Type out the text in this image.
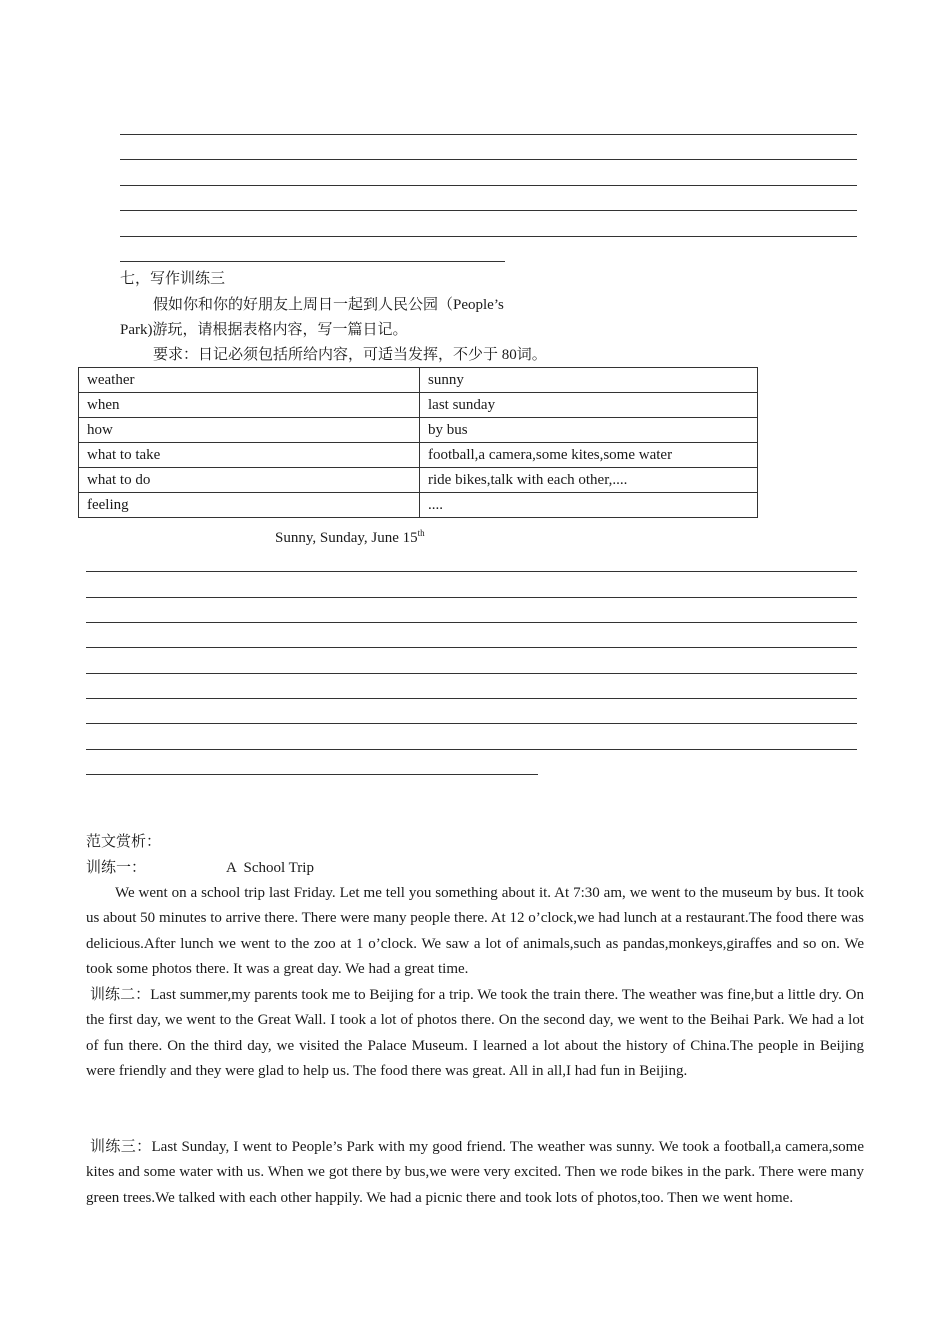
七，写作训练三
假如你和你的好朋友上周日一起到人民公园（People’s
Park)游玩，请根据表格内容，写一篇日记。
要求：日记必须包括所给内容，可适当发挥，不少于 80词。
weather	sunny
when	last sunday
how	by bus
what to take	football,a camera,some kites,some water
what to do	ride bikes,talk with each other,....
feeling	....
Sunny, Sunday, June 15th
范文赏析：
训练一：	A  School Trip

We went on a school trip last Friday. Let me tell you something about it. At 7:30 am, we went to the museum by bus. It took us about 50 minutes to arrive there. There were many people there. At 12 o’clock,we had lunch at a restaurant.The food there was delicious.After lunch we went to the zoo at 1 o’clock. We saw a lot of animals,such as pandas,monkeys,giraffes and so on. We took some photos there. It was a great day. We had a great time.

训练二：Last summer,my parents took me to Beijing for a trip. We took the train there. The weather was fine,but a little dry. On the first day, we went to the Great Wall. I took a lot of photos there. On the second day, we went to the Beihai Park. We had a lot of fun there. On the third day, we visited the Palace Museum. I learned a lot about the history of China.The people in Beijing were friendly and they were glad to help us. The food there was great. All in all,I had fun in Beijing.

训练三：Last Sunday, I went to People’s Park with my good friend. The weather was sunny. We took a football,a camera,some kites and some water with us. When we got there by bus,we were very excited. Then we rode bikes in the park. There were many green trees.We talked with each other happily. We had a picnic there and took lots of photos,too. Then we went home.
